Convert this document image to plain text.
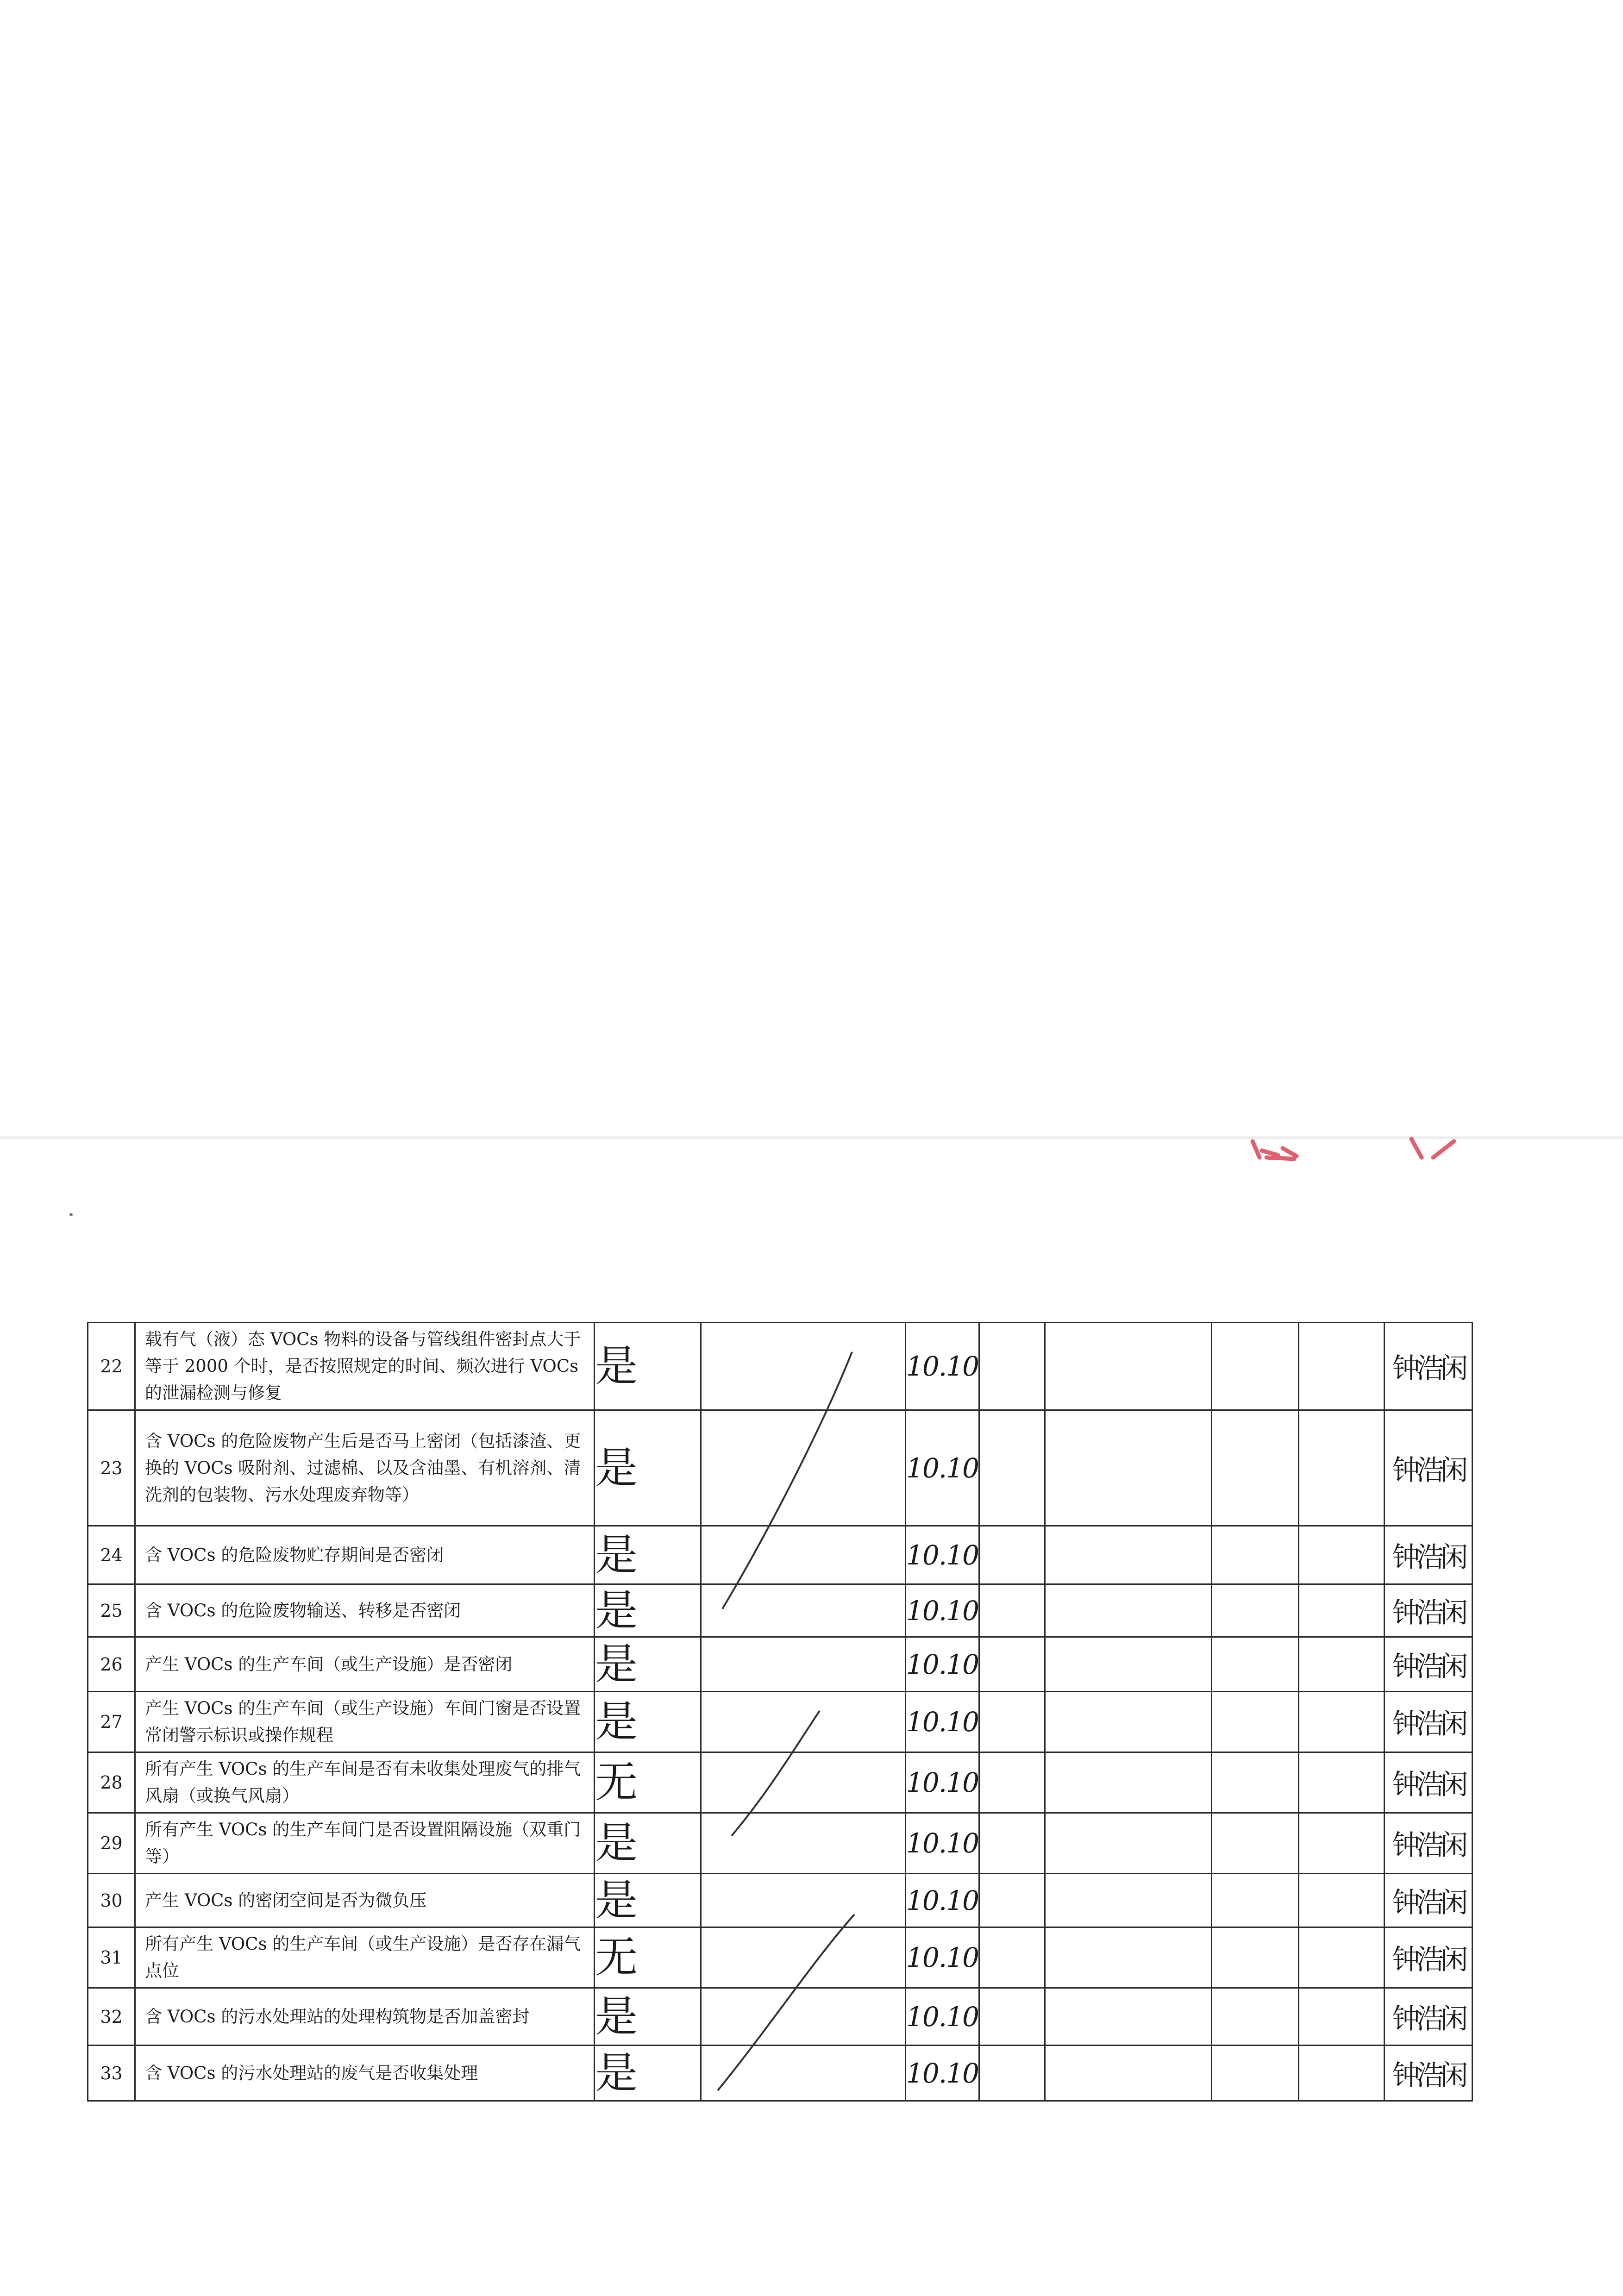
22	载有气（液）态 VOCs 物料的设备与管线组件密封点大于等于 2000 个时，是否按照规定的时间、频次进行 VOCs 的泄漏检测与修复	是		10.10					钟浩闲
23	含 VOCs 的危险废物产生后是否马上密闭（包括漆渣、更换的 VOCs 吸附剂、过滤棉、以及含油墨、有机溶剂、清洗剂的包装物、污水处理废弃物等）	是		10.10					钟浩闲
24	含 VOCs 的危险废物贮存期间是否密闭	是		10.10					钟浩闲
25	含 VOCs 的危险废物输送、转移是否密闭	是		10.10					钟浩闲
26	产生 VOCs 的生产车间（或生产设施）是否密闭	是		10.10					钟浩闲
27	产生 VOCs 的生产车间（或生产设施）车间门窗是否设置常闭警示标识或操作规程	是		10.10					钟浩闲
28	所有产生 VOCs 的生产车间是否有未收集处理废气的排气风扇（或换气风扇）	无		10.10					钟浩闲
29	所有产生 VOCs 的生产车间门是否设置阻隔设施（双重门等）	是		10.10					钟浩闲
30	产生 VOCs 的密闭空间是否为微负压	是		10.10					钟浩闲
31	所有产生 VOCs 的生产车间（或生产设施）是否存在漏气点位	无		10.10					钟浩闲
32	含 VOCs 的污水处理站的处理构筑物是否加盖密封	是		10.10					钟浩闲
33	含 VOCs 的污水处理站的废气是否收集处理	是		10.10					钟浩闲
